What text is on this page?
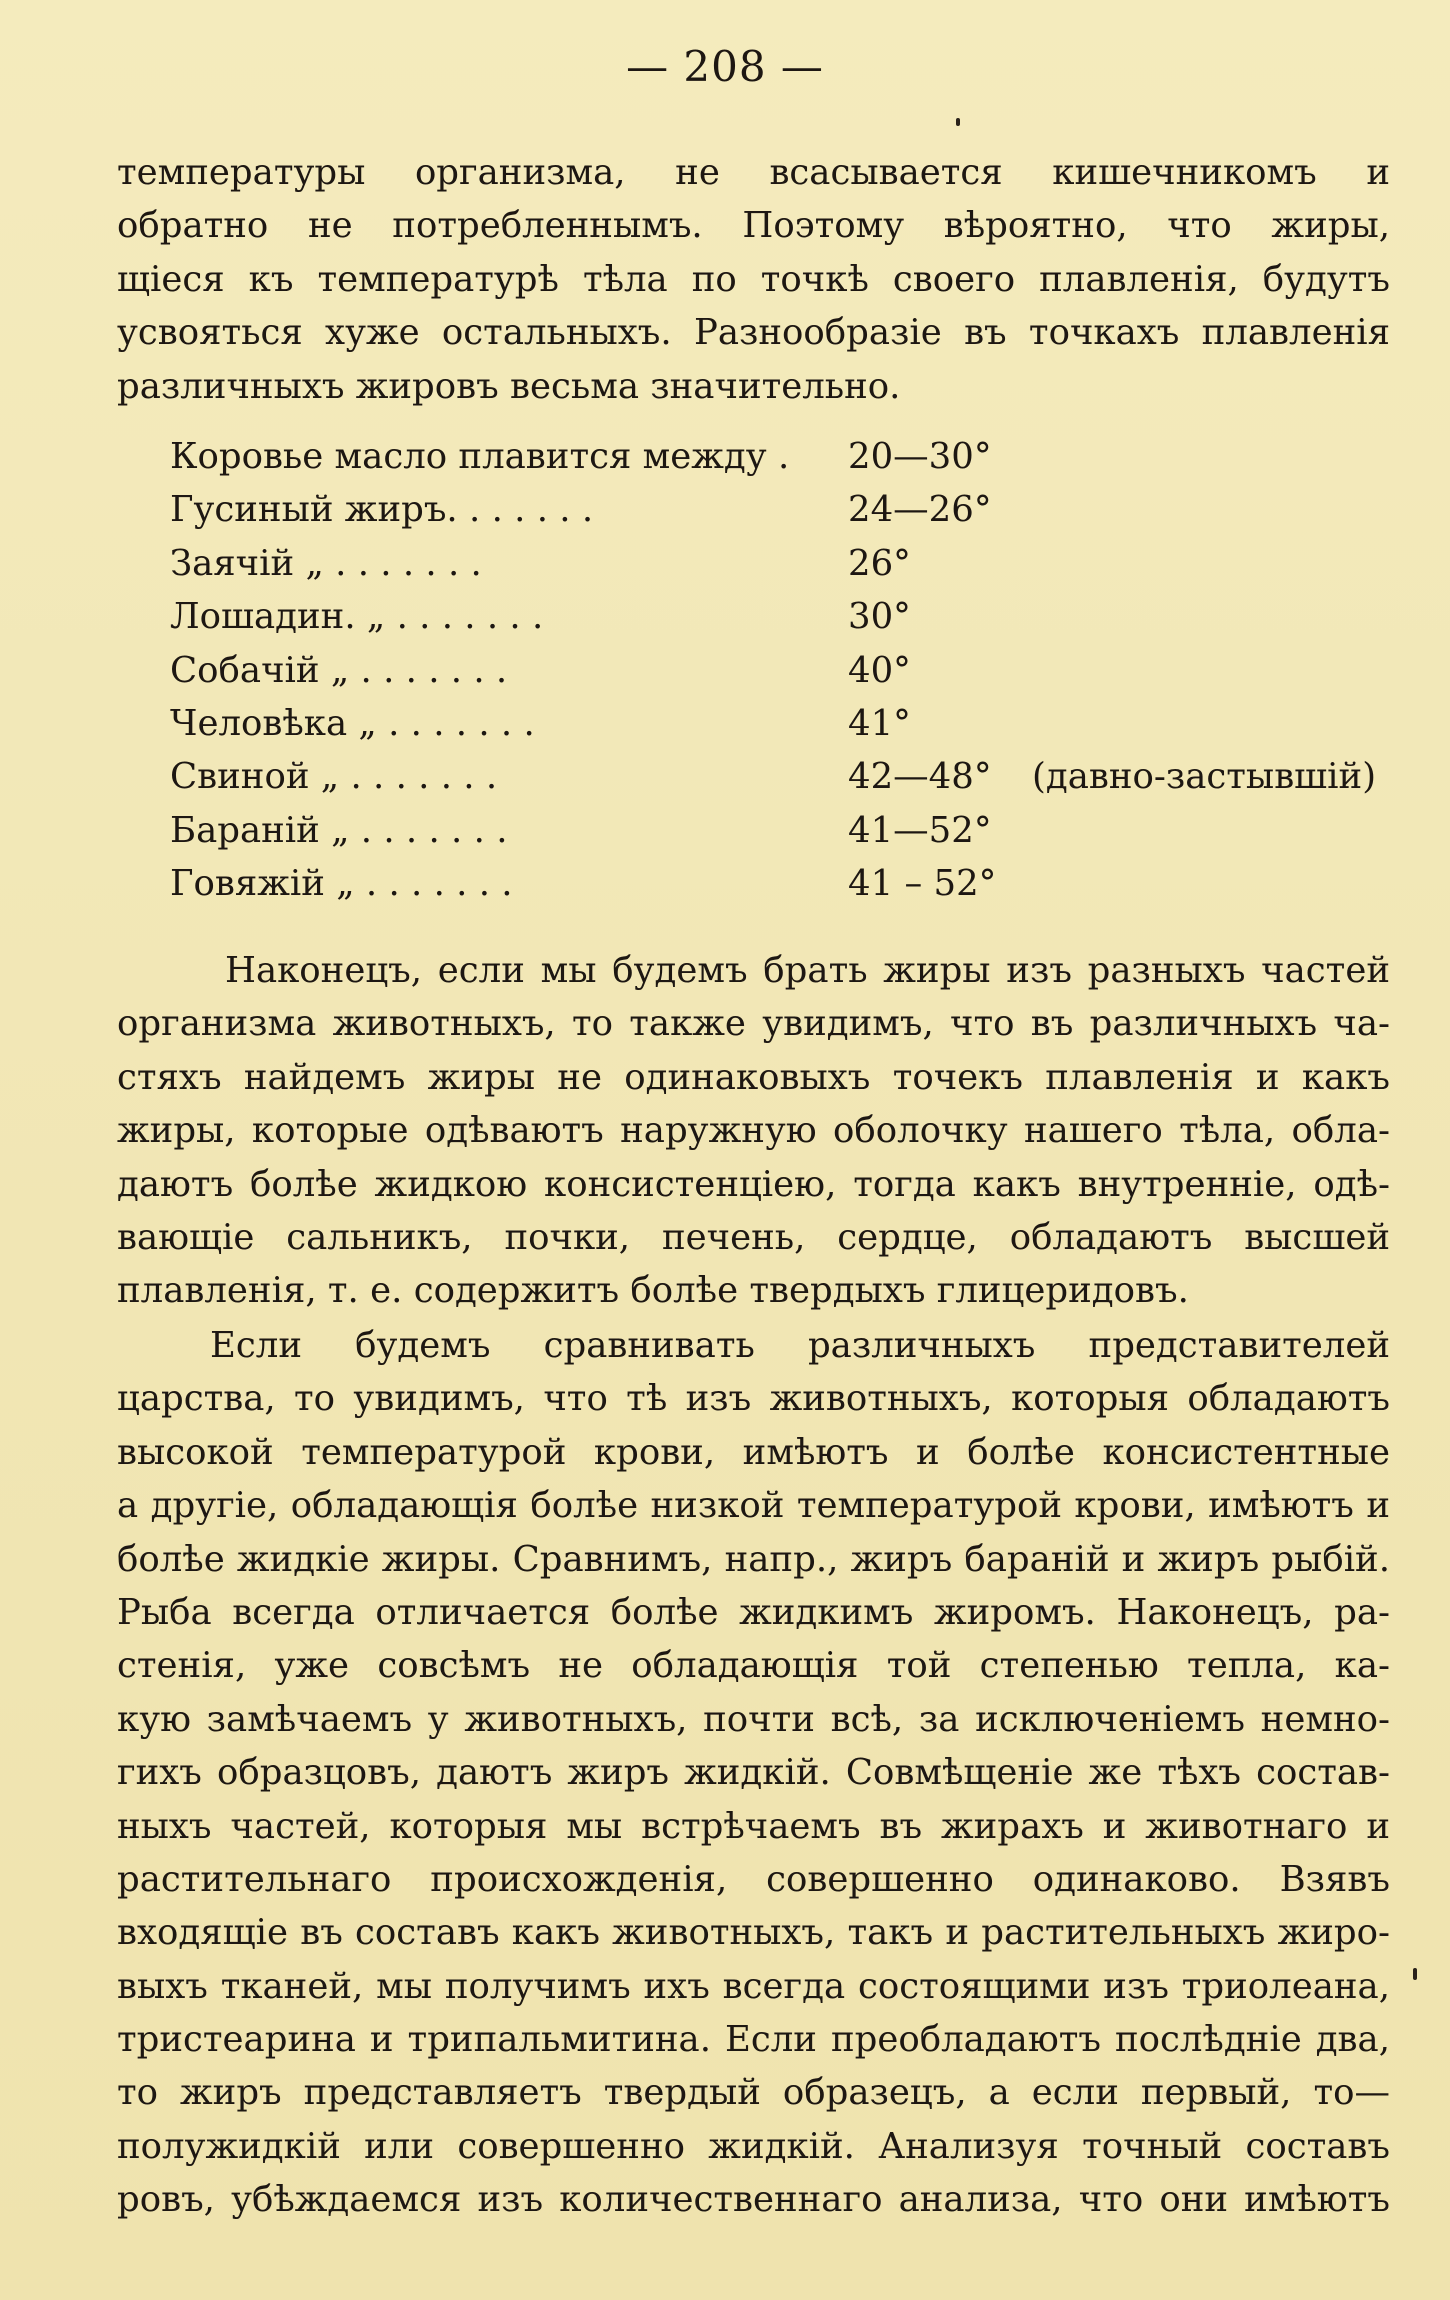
— 208 —
температуры организма, не всасывается кишечникомъ и
обратно не потребленнымъ. Поэтому вѣроятно, что жиры,
щіеся къ температурѣ тѣла по точкѣ своего плавленія, будутъ
усвояться хуже остальныхъ. Разнообразіе въ точкахъ плавленія
различныхъ жировъ весьма значительно.
Коровье масло плавится между .	20—30°
Гусиный жиръ. . . . . . .	24—26°
Заячій „ . . . . . . .	26°
Лошадин. „ . . . . . . .	30°
Собачій „ . . . . . . .	40°
Человѣка „ . . . . . . .	41°
Свиной „ . . . . . . .	42—48° (давно-застывшій)
Бараній „ . . . . . . .	41—52°
Говяжій „ . . . . . . .	41 – 52°
Наконецъ, если мы будемъ брать жиры изъ разныхъ частей
организма животныхъ, то также увидимъ, что въ различныхъ ча-
стяхъ найдемъ жиры не одинаковыхъ точекъ плавленія и какъ
жиры, которые одѣваютъ наружную оболочку нашего тѣла, обла-
даютъ болѣе жидкою консистенціею, тогда какъ внутренніе, одѣ-
вающіе сальникъ, почки, печень, сердце, обладаютъ высшей
плавленія, т. е. содержитъ болѣе твердыхъ глицеридовъ.
Если будемъ сравнивать различныхъ представителей
царства, то увидимъ, что тѣ изъ животныхъ, которыя обладаютъ
высокой температурой крови, имѣютъ и болѣе консистентные
а другіе, обладающія болѣе низкой температурой крови, имѣютъ и
болѣе жидкіе жиры. Сравнимъ, напр., жиръ бараній и жиръ рыбій.
Рыба всегда отличается болѣе жидкимъ жиромъ. Наконецъ, ра-
стенія, уже совсѣмъ не обладающія той степенью тепла, ка-
кую замѣчаемъ у животныхъ, почти всѣ, за исключеніемъ немно-
гихъ образцовъ, даютъ жиръ жидкій. Совмѣщеніе же тѣхъ состав-
ныхъ частей, которыя мы встрѣчаемъ въ жирахъ и животнаго и
растительнаго происхожденія, совершенно одинаково. Взявъ
входящіе въ составъ какъ животныхъ, такъ и растительныхъ жиро-
выхъ тканей, мы получимъ ихъ всегда состоящими изъ триолеана,
тристеарина и трипальмитина. Если преобладаютъ послѣдніе два,
то жиръ представляетъ твердый образецъ, а если первый, то—
полужидкій или совершенно жидкій. Анализуя точный составъ
ровъ, убѣждаемся изъ количественнаго анализа, что они имѣютъ
